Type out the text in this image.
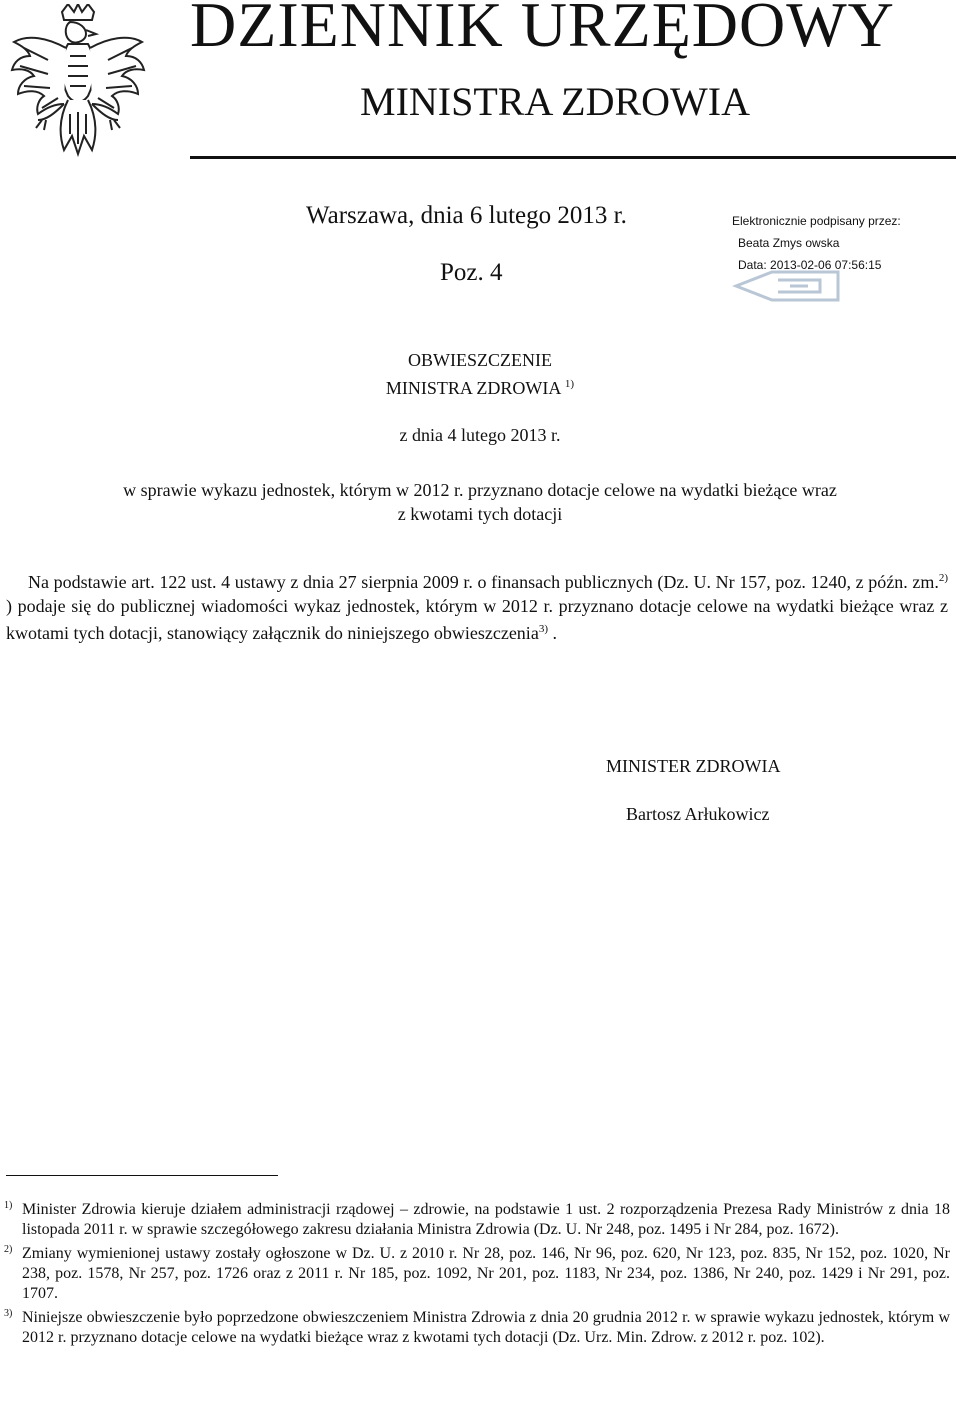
DZIENNIK URZĘDOWY
MINISTRA ZDROWIA
Warszawa, dnia 6 lutego 2013 r.
Poz. 4
Elektronicznie podpisany przez:
Beata Zmys owska
Data: 2013-02-06 07:56:15
OBWIESZCZENIE
MINISTRA ZDROWIA $^{1)}$
z dnia 4 lutego 2013 r.
w sprawie wykazu jednostek, którym w 2012 r. przyznano dotacje celowe na wydatki bieżące wraz
z kwotami tych dotacji
Na podstawie art. 122 ust. 4 ustawy z dnia 27 sierpnia 2009 r. o finansach publicznych (Dz. U. Nr 157, poz. 1240, z późn. zm.$^{2)}$ ) podaje się do publicznej wiadomości wykaz jednostek, którym w 2012 r. przyznano dotacje celowe na wydatki bieżące wraz z kwotami tych dotacji, stanowiący załącznik do niniejszego obwieszczenia$^{3)}$ .
MINISTER ZDROWIA
Bartosz Arłukowicz
1) Minister Zdrowia kieruje działem administracji rządowej – zdrowie, na podstawie 1 ust. 2 rozporządzenia Prezesa Rady Ministrów z dnia 18 listopada 2011 r. w sprawie szczegółowego zakresu działania Ministra Zdrowia (Dz. U. Nr 248, poz. 1495 i Nr 284, poz. 1672).
2) Zmiany wymienionej ustawy zostały ogłoszone w Dz. U. z 2010 r. Nr 28, poz. 146, Nr 96, poz. 620, Nr 123, poz. 835, Nr 152, poz. 1020, Nr 238, poz. 1578, Nr 257, poz. 1726 oraz z 2011 r. Nr 185, poz. 1092, Nr 201, poz. 1183, Nr 234, poz. 1386, Nr 240, poz. 1429 i Nr 291, poz. 1707.
3) Niniejsze obwieszczenie było poprzedzone obwieszczeniem Ministra Zdrowia z dnia 20 grudnia 2012 r. w sprawie wykazu jednostek, którym w 2012 r. przyznano dotacje celowe na wydatki bieżące wraz z kwotami tych dotacji (Dz. Urz. Min. Zdrow. z 2012 r. poz. 102).
